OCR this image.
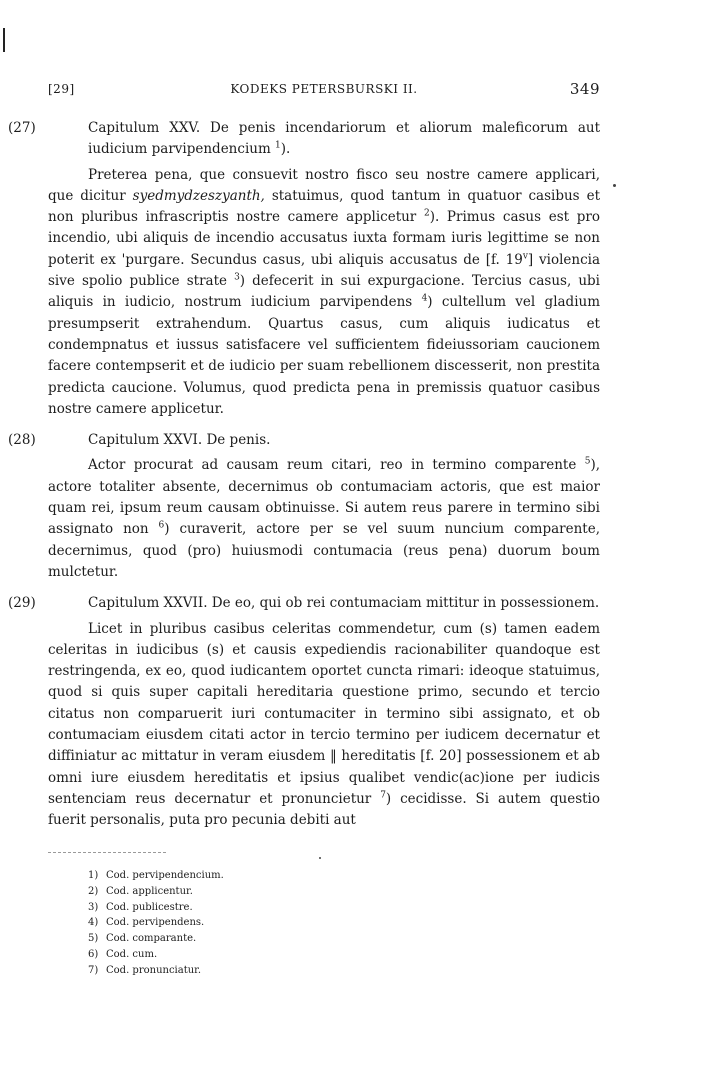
[29]	KODEKS PETERSBURSKI II.	349
(27)	Capitulum XXV. De penis incendariorum et aliorum maleficorum aut iudicium parvipendencium $^1$).

Preterea pena, que consuevit nostro fisco seu nostre camere applicari, que dicitur syedmydzeszyanth, statuimus, quod tantum in quatuor casibus et non pluribus infrascriptis nostre camere applicetur $^2$). Primus casus est pro incendio, ubi aliquis de incendio accusatus iuxta formam iuris legittime se non poterit ex 'purgare. Secundus casus, ubi aliquis accusatus de [f. 19$^v$] violencia sive spolio publice strate $^3$) defecerit in sui expurgacione. Tercius casus, ubi aliquis in iudicio, nostrum iudicium parvipendens $^4$) cultellum vel gladium presumpserit extrahendum. Quartus casus, cum aliquis iudicatus et condempnatus et iussus satisfacere vel sufficientem fideiussoriam caucionem facere contempserit et de iudicio per suam rebellionem discesserit, non prestita predicta caucione. Volumus, quod predicta pena in premissis quatuor casibus nostre camere applicetur.

(28)	Capitulum XXVI. De penis.

Actor procurat ad causam reum citari, reo in termino comparente $^5$), actore totaliter absente, decernimus ob contumaciam actoris, que est maior quam rei, ipsum reum causam obtinuisse. Si autem reus parere in termino sibi assignato non $^6$) curaverit, actore per se vel suum nuncium comparente, decernimus, quod (pro) huiusmodi contumacia (reus pena) duorum boum mulctetur.

(29)	Capitulum XXVII. De eo, qui ob rei contumaciam mittitur in possessionem.

Licet in pluribus casibus celeritas commendetur, cum (s) tamen eadem celeritas in iudicibus (s) et causis expediendis racionabiliter quandoque est restringenda, ex eo, quod iudicantem oportet cuncta rimari: ideoque statuimus, quod si quis super capitali hereditaria questione primo, secundo et tercio citatus non comparuerit iuri contumaciter in termino sibi assignato, et ob contumaciam eiusdem citati actor in tercio termino per iudicem decernatur et diffiniatur ac mittatur in veram eiusdem ‖ hereditatis [f. 20] possessionem et ab omni iure eiusdem hereditatis et ipsius qualibet vendic(ac)ione per iudicis sentenciam reus decernatur et pronuncietur $^7$) cecidisse. Si autem questio fuerit personalis, puta pro pecunia debiti aut

1) Cod. pervipendencium.
2) Cod. applicentur.
3) Cod. publicestre.
4) Cod. pervipendens.
5) Cod. comparante.
6) Cod. cum.
7) Cod. pronunciatur.
